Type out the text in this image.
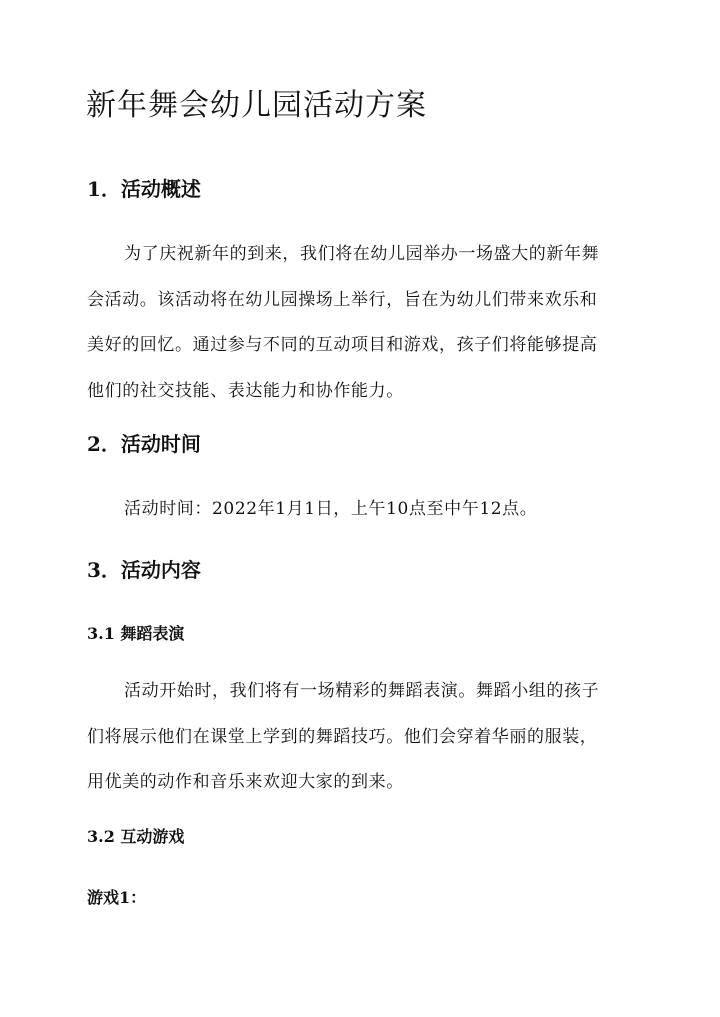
新年舞会幼儿园活动方案
1．活动概述
为了庆祝新年的到来，我们将在幼儿园举办一场盛大的新年舞
会活动。该活动将在幼儿园操场上举行，旨在为幼儿们带来欢乐和
美好的回忆。通过参与不同的互动项目和游戏，孩子们将能够提高
他们的社交技能、表达能力和协作能力。
2．活动时间
活动时间：2022年1月1日，上午10点至中午12点。
3．活动内容
3.1 舞蹈表演
活动开始时，我们将有一场精彩的舞蹈表演。舞蹈小组的孩子
们将展示他们在课堂上学到的舞蹈技巧。他们会穿着华丽的服装，
用优美的动作和音乐来欢迎大家的到来。
3.2 互动游戏
游戏1：
